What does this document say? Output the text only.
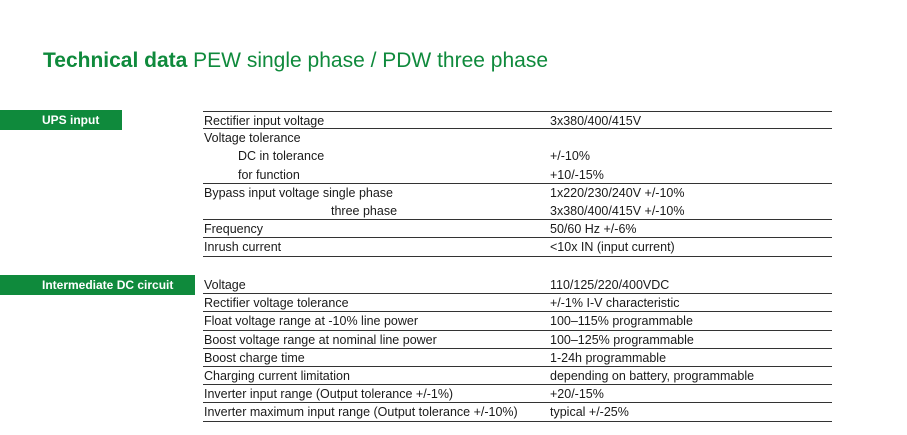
Technical data PEW single phase / PDW three phase
UPS input	Rectifier input voltage	3x380/400/415V
Voltage tolerance
DC in tolerance	+/-10%
for function	+10/-15%
Bypass input voltage single phase	1x220/230/240V +/-10%
three phase	3x380/400/415V +/-10%
Frequency	50/60 Hz +/-6%
Inrush current	<10x IN (input current)
Intermediate DC circuit	Voltage	110/125/220/400VDC
Rectifier voltage tolerance	+/-1% I-V characteristic
Float voltage range at -10% line power	100–115% programmable
Boost voltage range at nominal line power	100–125% programmable
Boost charge time	1-24h programmable
Charging current limitation	depending on battery, programmable
Inverter input range (Output tolerance +/-1%)	+20/-15%
Inverter maximum input range (Output tolerance +/-10%)	typical +/-25%
